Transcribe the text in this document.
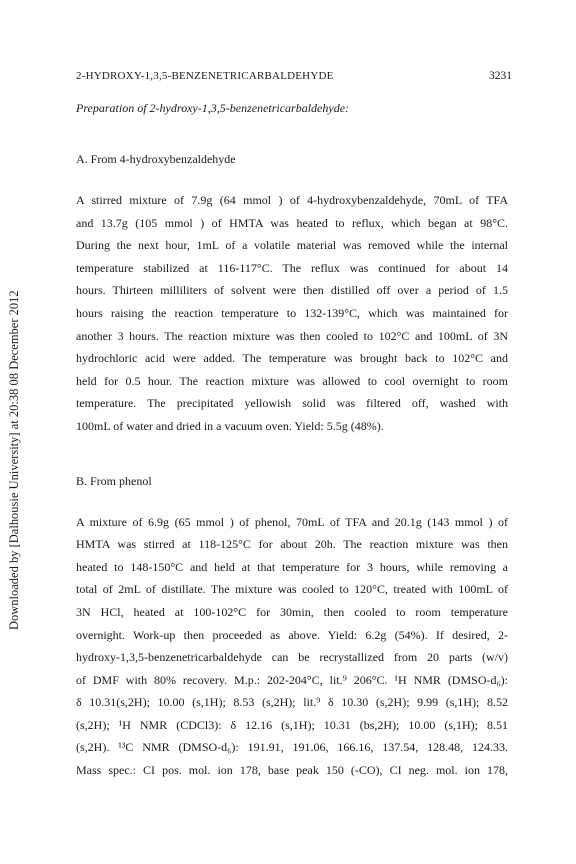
Downloaded by [Dalhousie University] at 20:38 08 December 2012
2-HYDROXY-1,3,5-BENZENETRICARBALDEHYDE	3231
Preparation of 2-hydroxy-1,3,5-benzenetricarbaldehyde:
A. From 4-hydroxybenzaldehyde
A stirred mixture of 7.9g (64 mmol ) of 4-hydroxybenzaldehyde, 70mL of TFA
and 13.7g (105 mmol ) of HMTA was heated to reflux, which began at 98°C.
During the next hour, 1mL of a volatile material was removed while the internal
temperature stabilized at 116-117°C. The reflux was continued for about 14
hours. Thirteen milliliters of solvent were then distilled off over a period of 1.5
hours raising the reaction temperature to 132-139°C, which was maintained for
another 3 hours. The reaction mixture was then cooled to 102°C and 100mL of 3N
hydrochloric acid were added. The temperature was brought back to 102°C and
held for 0.5 hour. The reaction mixture was allowed to cool overnight to room
temperature. The precipitated yellowish solid was filtered off, washed with
100mL of water and dried in a vacuum oven. Yield: 5.5g (48%).
B. From phenol
A mixture of 6.9g (65 mmol ) of phenol, 70mL of TFA and 20.1g (143 mmol ) of
HMTA was stirred at 118-125°C for about 20h. The reaction mixture was then
heated to 148-150°C and held at that temperature for 3 hours, while removing a
total of 2mL of distillate. The mixture was cooled to 120°C, treated with 100mL of
3N HCl, heated at 100-102°C for 30min, then cooled to room temperature
overnight. Work-up then proceeded as above. Yield: 6.2g (54%). If desired, 2-
hydroxy-1,3,5-benzenetricarbaldehyde can be recrystallized from 20 parts (w/v)
of DMF with 80% recovery. M.p.: 202-204°C, lit.⁹ 206°C. ¹H NMR (DMSO-d₆):
δ 10.31(s,2H); 10.00 (s,1H); 8.53 (s,2H); lit.⁹ δ 10.30 (s,2H); 9.99 (s,1H); 8.52
(s,2H); ¹H NMR (CDCl3): δ 12.16 (s,1H); 10.31 (bs,2H); 10.00 (s,1H); 8.51
(s,2H). ¹³C NMR (DMSO-d₆): 191.91, 191.06, 166.16, 137.54, 128.48, 124.33.
Mass spec.: CI pos. mol. ion 178, base peak 150 (-CO), CI neg. mol. ion 178,
